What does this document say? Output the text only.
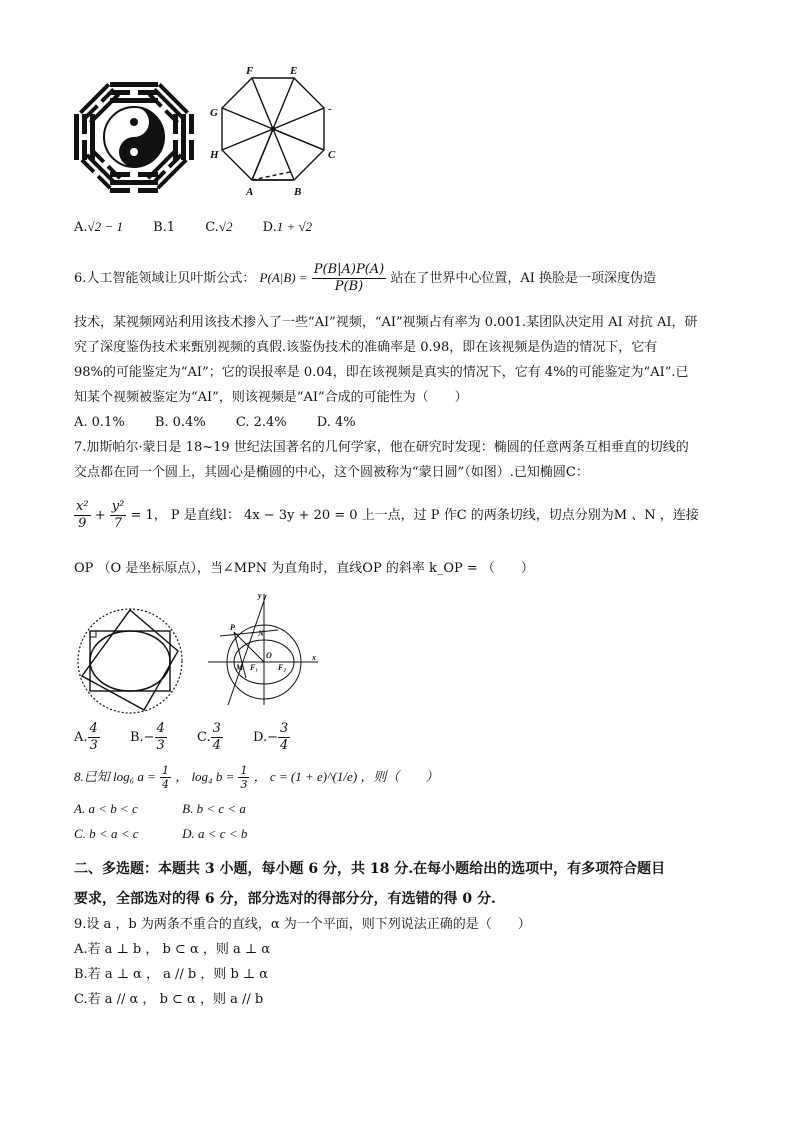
F	E
G
H	C
A	B
-
A.√2 − 1 B.1 C.√2 D.1 + √2
6.人工智能领域让贝叶斯公式： $P(A|B) = \frac{P(B|A)P(A)}{P(B)}$ 站在了世界中心位置，AI 换脸是一项深度伪造
技术，某视频网站利用该技术掺入了一些“AI”视频，“AI”视频占有率为 0.001.某团队决定用 AI 对抗 AI，研
究了深度鉴伪技术来甄别视频的真假.该鉴伪技术的准确率是 0.98，即在该视频是伪造的情况下，它有
98%的可能鉴定为“AI”；它的误报率是 0.04，即在该视频是真实的情况下，它有 4%的可能鉴定为“AI”.已
知某个视频被鉴定为“AI”，则该视频是“AI”合成的可能性为（　　）
A. 0.1% B. 0.4% C. 2.4% D. 4%
7.加斯帕尔·蒙日是 18~19 世纪法国著名的几何学家，他在研究时发现：椭圆的任意两条互相垂直的切线的
交点都在同一个圆上，其圆心是椭圆的中心，这个圆被称为“蒙日圆”（如图）.已知椭圆C：
$\frac{\text{x²}}{9} + \frac{\text{y²}}{7} = 1$， P 是直线l： 4x − 3y + 20 = 0 上一点，过 P 作C 的两条切线，切点分别为M 、N ，连接
OP （O 是坐标原点），当∠MPN 为直角时，直线OP 的斜率 k_OP = （　　）
y
P
N
M
O
F₁ F₂
x
A. $\frac{4}{3} B.- \frac{4}{3} C$. $\frac{3}{4} D.- \frac{3}{4}$
8.已知 log₆ $a = \frac{1}{4}$ ， log₄ $b = \frac{1}{3}$ ， c = (1 + e)^(1/e) ，则（　　）
A. a < b < c	B. b < c < a
C. b < a < c	D. a < c < b
二、多选题：本题共 3 小题，每小题 6 分，共 18 分.在每小题给出的选项中，有多项符合题目
要求，全部选对的得 6 分，部分选对的得部分分，有选错的得 0 分.
9.设 a ，b 为两条不重合的直线，α 为一个平面，则下列说法正确的是（　　）
A.若 a ⊥ b ， b ⊂ α ，则 a ⊥ α
B.若 a ⊥ α ， a // b ，则 b ⊥ α
C.若 a // α ， b ⊂ α ，则 a // b
